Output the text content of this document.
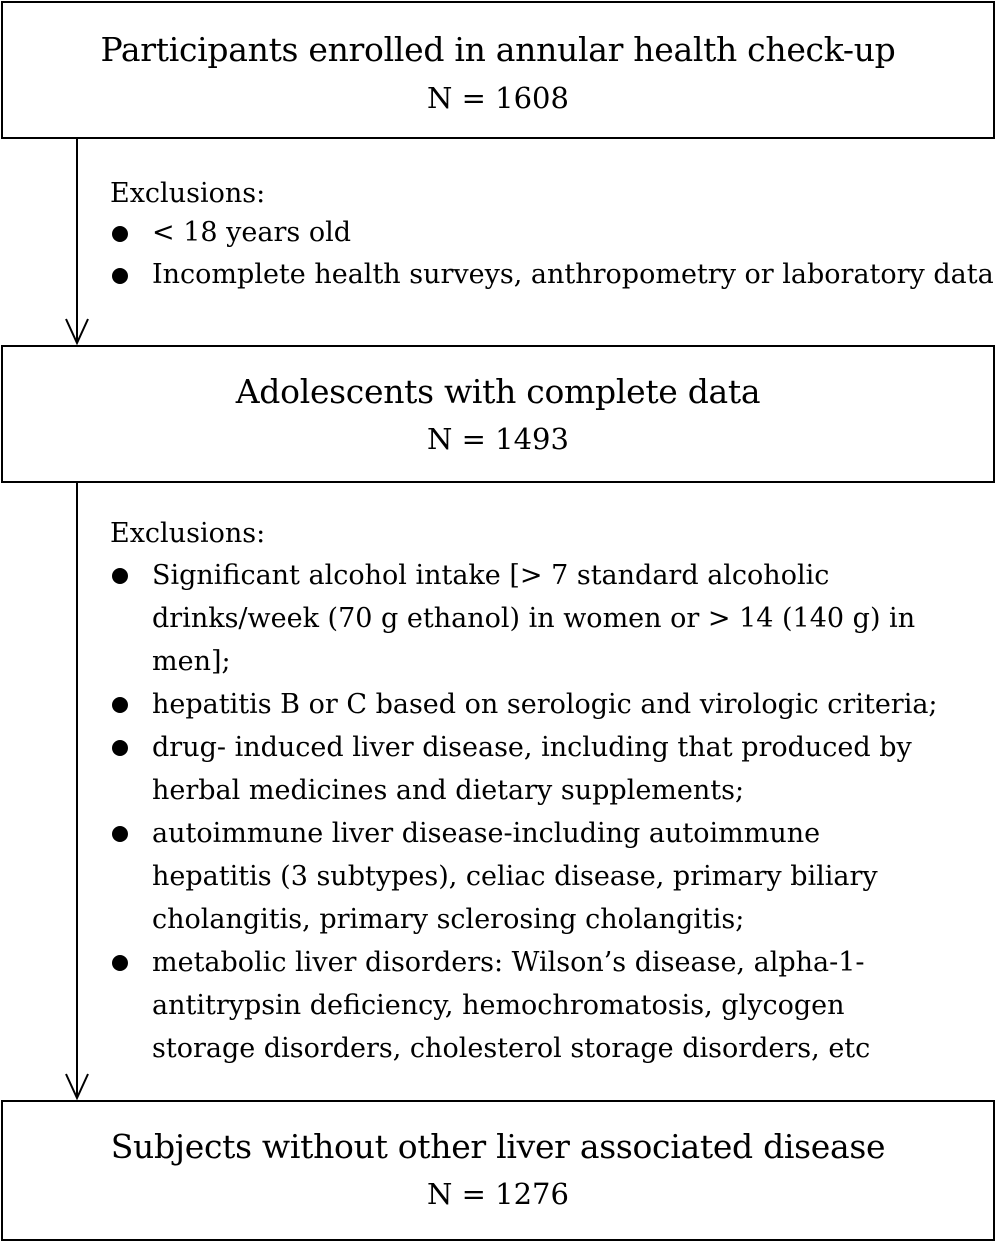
Participants enrolled in annular health check-up
N = 1608
Exclusions:
< 18 years old
Incomplete health surveys, anthropometry or laboratory data
Adolescents with complete data
N = 1493
Exclusions:
Significant alcohol intake [> 7 standard alcoholic drinks/week (70 g ethanol) in women or > 14 (140 g) in men];
hepatitis B or C based on serologic and virologic criteria;
drug- induced liver disease, including that produced by herbal medicines and dietary supplements;
autoimmune liver disease-including autoimmune hepatitis (3 subtypes), celiac disease, primary biliary cholangitis, primary sclerosing cholangitis;
metabolic liver disorders: Wilson’s disease, alpha-1-antitrypsin deficiency, hemochromatosis, glycogen storage disorders, cholesterol storage disorders, etc
Subjects without other liver associated disease
N = 1276
